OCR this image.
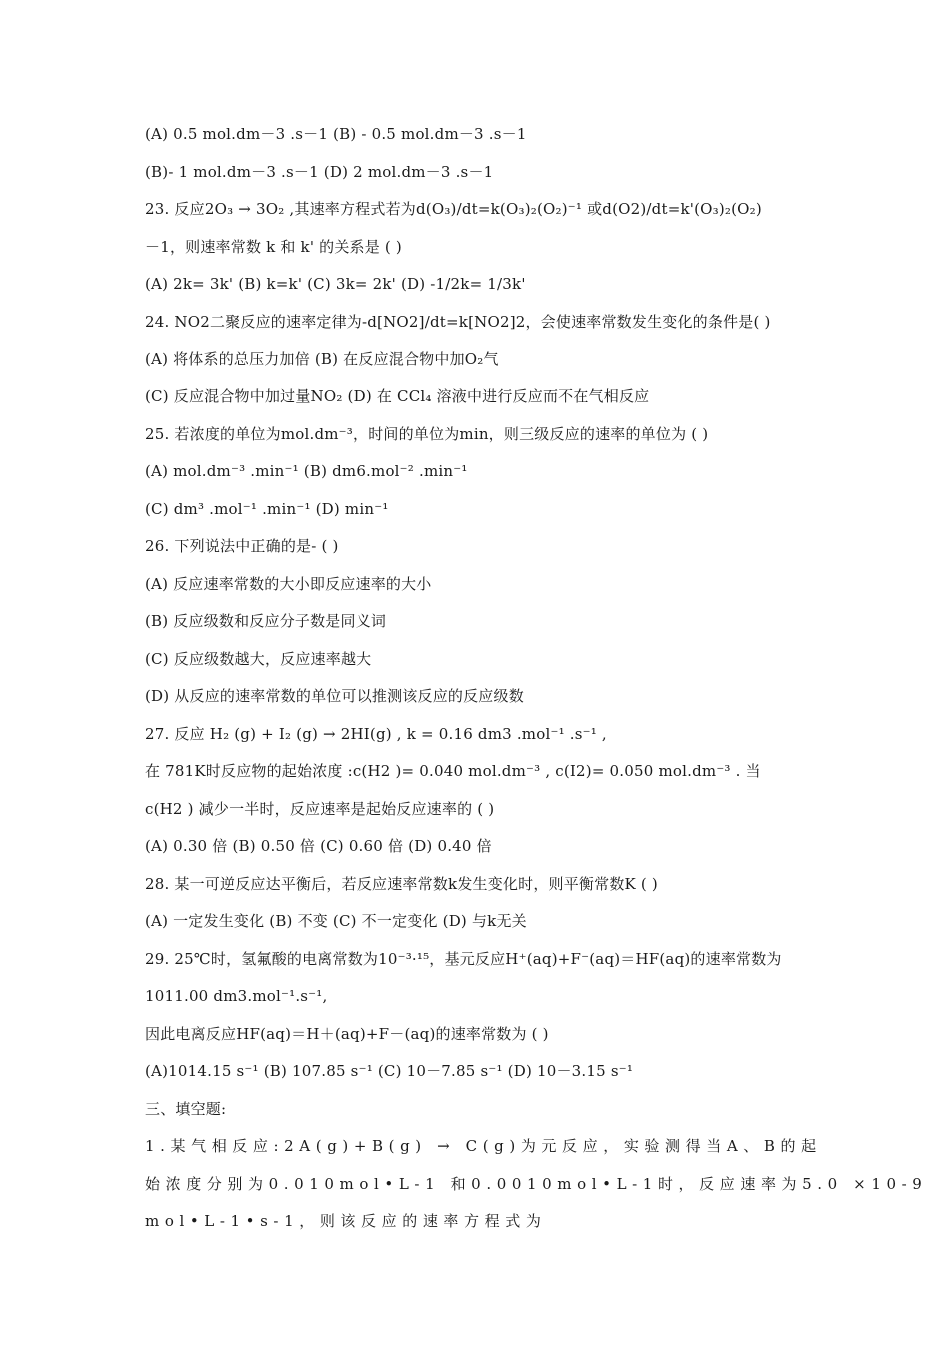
(A) 0.5 mol.dm－3 .s－1 (B) - 0.5 mol.dm－3 .s－1
(B)- 1 mol.dm－3 .s－1 (D) 2 mol.dm－3 .s－1
23. 反应2O₃ → 3O₂ ,其速率方程式若为d(O₃)/dt=k(O₃)₂(O₂)⁻¹ 或d(O2)/dt=k'(O₃)₂(O₂)
－1，则速率常数 k 和 k' 的关系是 ( )
(A) 2k= 3k' (B) k=k' (C) 3k= 2k' (D) -1/2k= 1/3k'
24. NO2二聚反应的速率定律为-d[NO2]/dt=k[NO2]2，会使速率常数发生变化的条件是( )
(A) 将体系的总压力加倍 (B) 在反应混合物中加O₂气
(C) 反应混合物中加过量NO₂ (D) 在 CCl₄ 溶液中进行反应而不在气相反应
25. 若浓度的单位为mol.dm⁻³，时间的单位为min，则三级反应的速率的单位为 ( )
(A) mol.dm⁻³ .min⁻¹ (B) dm6.mol⁻² .min⁻¹
(C) dm³ .mol⁻¹ .min⁻¹ (D) min⁻¹
26. 下列说法中正确的是- ( )
(A) 反应速率常数的大小即反应速率的大小
(B) 反应级数和反应分子数是同义词
(C) 反应级数越大，反应速率越大
(D) 从反应的速率常数的单位可以推测该反应的反应级数
27. 反应 H₂ (g) + I₂ (g) → 2HI(g) , k = 0.16 dm3 .mol⁻¹ .s⁻¹ ,
在 781K时反应物的起始浓度 :c(H2 )= 0.040 mol.dm⁻³ , c(I2)= 0.050 mol.dm⁻³ . 当
c(H2 ) 减少一半时，反应速率是起始反应速率的 ( )
(A) 0.30 倍 (B) 0.50 倍 (C) 0.60 倍 (D) 0.40 倍
28. 某一可逆反应达平衡后，若反应速率常数k发生变化时，则平衡常数K ( )
(A) 一定发生变化 (B) 不变 (C) 不一定变化 (D) 与k无关
29. 25℃时，氢氟酸的电离常数为10⁻³·¹⁵，基元反应H⁺(aq)+F⁻(aq)＝HF(aq)的速率常数为
1011.00 dm3.mol⁻¹.s⁻¹,
因此电离反应HF(aq)＝H＋(aq)+F－(aq)的速率常数为 ( )
(A)1014.15 s⁻¹ (B) 107.85 s⁻¹ (C) 10－7.85 s⁻¹ (D) 10－3.15 s⁻¹
三、填空题:
1.某气相反应:2A(g)+B(g) → C(g)为元反应，实验测得当A、B的起
始浓度分别为0.010mol•L-1 和0.0010mol•L-1时，反应速率为5.0 ×10-9
mol•L-1•s-1，则该反应的速率方程式为
